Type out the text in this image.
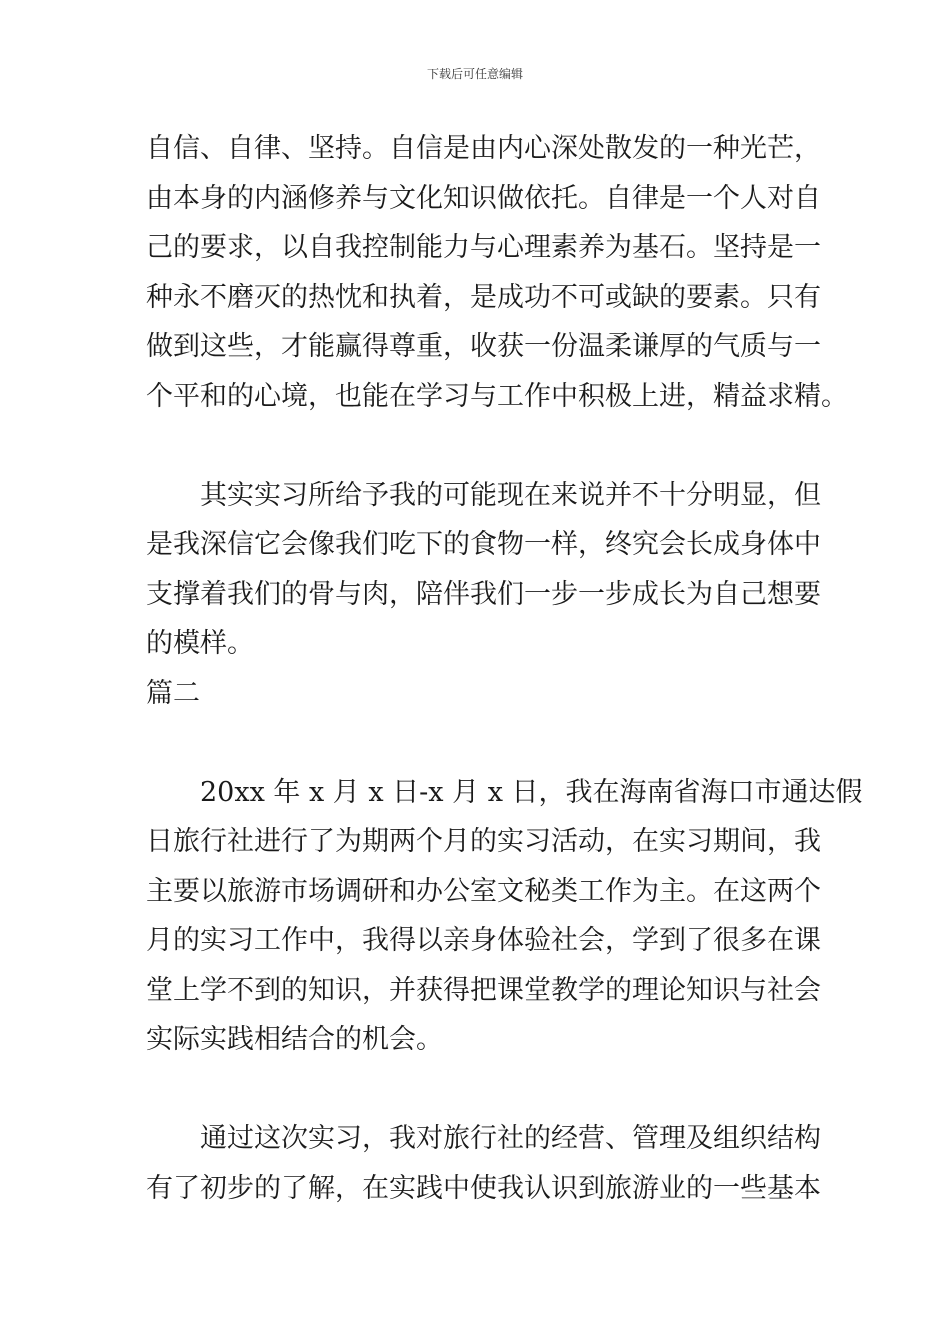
下载后可任意编辑
自信、自律、坚持。自信是由内心深处散发的一种光芒，
由本身的内涵修养与文化知识做依托。自律是一个人对自
己的要求，以自我控制能力与心理素养为基石。坚持是一
种永不磨灭的热忱和执着，是成功不可或缺的要素。只有
做到这些，才能赢得尊重，收获一份温柔谦厚的气质与一
个平和的心境，也能在学习与工作中积极上进，精益求精。
其实实习所给予我的可能现在来说并不十分明显，但
是我深信它会像我们吃下的食物一样，终究会长成身体中
支撑着我们的骨与肉，陪伴我们一步一步成长为自己想要
的模样。
篇二
20xx 年 x 月 x 日-x 月 x 日，我在海南省海口市通达假
日旅行社进行了为期两个月的实习活动，在实习期间，我
主要以旅游市场调研和办公室文秘类工作为主。在这两个
月的实习工作中，我得以亲身体验社会，学到了很多在课
堂上学不到的知识，并获得把课堂教学的理论知识与社会
实际实践相结合的机会。
通过这次实习，我对旅行社的经营、管理及组织结构
有了初步的了解，在实践中使我认识到旅游业的一些基本
